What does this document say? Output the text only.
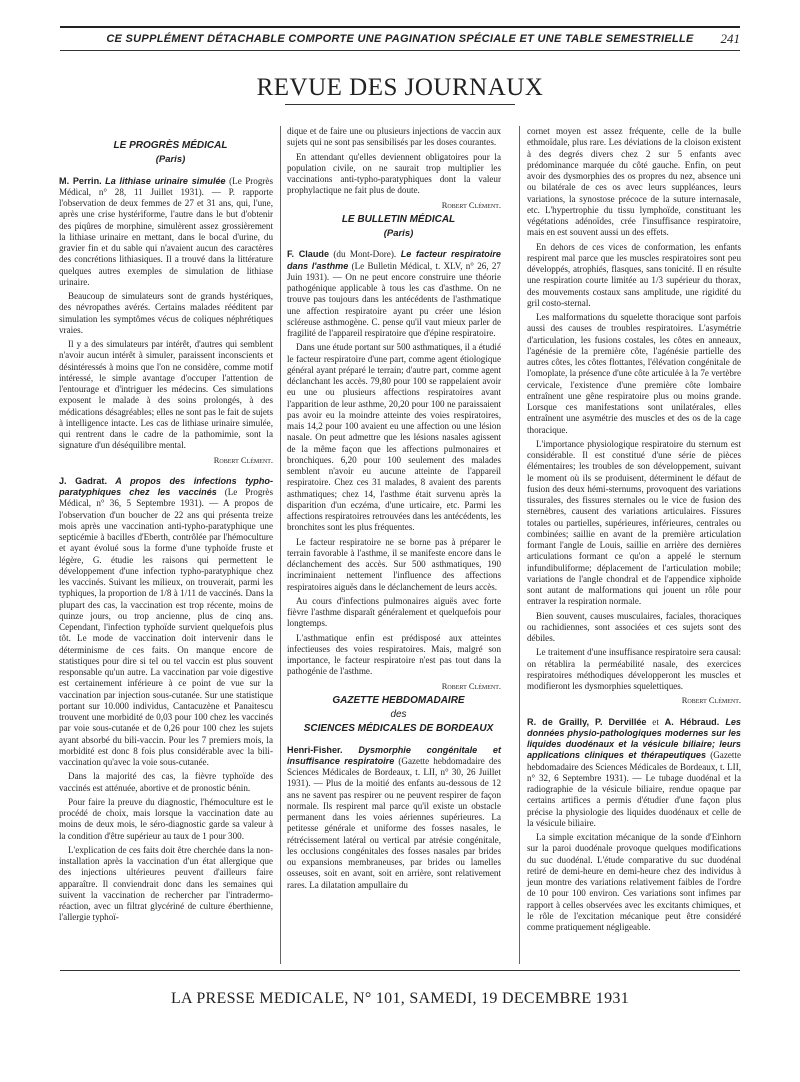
CE SUPPLÉMENT DÉTACHABLE COMPORTE UNE PAGINATION SPÉCIALE ET UNE TABLE SEMESTRIELLE	241
REVUE DES JOURNAUX

LE PROGRÈS MÉDICAL

(Paris)

M. Perrin. La lithiase urinaire simulée (Le Progrès Médical, n° 28, 11 Juillet 1931). — P. rapporte l'observation de deux femmes de 27 et 31 ans, qui, l'une, après une crise hystériforme, l'autre dans le but d'obtenir des piqûres de morphine, simulèrent assez grossièrement la lithiase urinaire en mettant, dans le bocal d'urine, du gravier fin et du sable qui n'avaient aucun des caractères des concrétions lithiasiques. Il a trouvé dans la littérature quelques autres exemples de simulation de lithiase urinaire.

Beaucoup de simulateurs sont de grands hystériques, des névropathes avérés. Certains malades rééditent par simulation les symptômes vécus de coliques néphrétiques vraies.

Il y a des simulateurs par intérêt, d'autres qui semblent n'avoir aucun intérêt à simuler, paraissent inconscients et désintéressés à moins que l'on ne considère, comme motif intéressé, le simple avantage d'occuper l'attention de l'entourage et d'intriguer les médecins. Ces simulations exposent le malade à des soins prolongés, à des médications désagréables; elles ne sont pas le fait de sujets à intelligence intacte. Les cas de lithiase urinaire simulée, qui rentrent dans le cadre de la pathomimie, sont la signature d'un déséquilibre mental.

Robert Clément.

J. Gadrat. A propos des infections typho-paratyphiques chez les vaccinés (Le Progrès Médical, n° 36, 5 Septembre 1931). — A propos de l'observation d'un boucher de 22 ans qui présenta treize mois après une vaccination anti-typho-paratyphique une septicémie à bacilles d'Eberth, contrôlée par l'hémoculture et ayant évolué sous la forme d'une typhoïde fruste et légère, G. étudie les raisons qui permettent le développement d'une infection typho-paratyphique chez les vaccinés. Suivant les milieux, on trouverait, parmi les typhiques, la proportion de 1/8 à 1/11 de vaccinés. Dans la plupart des cas, la vaccination est trop récente, moins de quinze jours, ou trop ancienne, plus de cinq ans. Cependant, l'infection typhoïde survient quelquefois plus tôt. Le mode de vaccination doit intervenir dans le déterminisme de ces faits. On manque encore de statistiques pour dire si tel ou tel vaccin est plus souvent responsable qu'un autre. La vaccination par voie digestive est certainement inférieure à ce point de vue sur la vaccination par injection sous-cutanée. Sur une statistique portant sur 10.000 individus, Cantacuzène et Panaitescu trouvent une morbidité de 0,03 pour 100 chez les vaccinés par voie sous-cutanée et de 0,26 pour 100 chez les sujets ayant absorbé du bili-vaccin. Pour les 7 premiers mois, la morbidité est donc 8 fois plus considérable avec la bili-vaccination qu'avec la voie sous-cutanée.

Dans la majorité des cas, la fièvre typhoïde des vaccinés est atténuée, abortive et de pronostic bénin.

Pour faire la preuve du diagnostic, l'hémoculture est le procédé de choix, mais lorsque la vaccination date au moins de deux mois, le séro-diagnostic garde sa valeur à la condition d'être supérieur au taux de 1 pour 300.

L'explication de ces faits doit être cherchée dans la non-installation après la vaccination d'un état allergique que des injections ultérieures peuvent d'ailleurs faire apparaître. Il conviendrait donc dans les semaines qui suivent la vaccination de rechercher par l'intradermo-réaction, avec un filtrat glycériné de culture éberthienne, l'allergie typhoï-

dique et de faire une ou plusieurs injections de vaccin aux sujets qui ne sont pas sensibilisés par les doses courantes.

En attendant qu'elles deviennent obligatoires pour la population civile, on ne saurait trop multiplier les vaccinations anti-typho-paratyphiques dont la valeur prophylactique ne fait plus de doute.

Robert Clément.

LE BULLETIN MÉDICAL

(Paris)

F. Claude (du Mont-Dore). Le facteur respiratoire dans l'asthme (Le Bulletin Médical, t. XLV, n° 26, 27 Juin 1931). — On ne peut encore construire une théorie pathogénique applicable à tous les cas d'asthme. On ne trouve pas toujours dans les antécédents de l'asthmatique une affection respiratoire ayant pu créer une lésion scléreuse asthmogène. C. pense qu'il vaut mieux parler de fragilité de l'appareil respiratoire que d'épine respiratoire.

Dans une étude portant sur 500 asthmatiques, il a étudié le facteur respiratoire d'une part, comme agent étiologique général ayant préparé le terrain; d'autre part, comme agent déclanchant les accès. 79,80 pour 100 se rappelaient avoir eu une ou plusieurs affections respiratoires avant l'apparition de leur asthme, 20,20 pour 100 ne paraissaient pas avoir eu la moindre atteinte des voies respiratoires, mais 14,2 pour 100 avaient eu une affection ou une lésion nasale. On peut admettre que les lésions nasales agissent de la même façon que les affections pulmonaires et bronchiques. 6,20 pour 100 seulement des malades semblent n'avoir eu aucune atteinte de l'appareil respiratoire. Chez ces 31 malades, 8 avaient des parents asthmatiques; chez 14, l'asthme était survenu après la disparition d'un eczéma, d'une urticaire, etc. Parmi les affections respiratoires retrouvées dans les antécédents, les bronchites sont les plus fréquentes.

Le facteur respiratoire ne se borne pas à préparer le terrain favorable à l'asthme, il se manifeste encore dans le déclanchement des accès. Sur 500 asthmatiques, 190 incriminaient nettement l'influence des affections respiratoires aiguës dans le déclanchement de leurs accès.

Au cours d'infections pulmonaires aiguës avec forte fièvre l'asthme disparaît généralement et quelquefois pour longtemps.

L'asthmatique enfin est prédisposé aux atteintes infectieuses des voies respiratoires. Mais, malgré son importance, le facteur respiratoire n'est pas tout dans la pathogénie de l'asthme.

Robert Clément.

GAZETTE HEBDOMADAIRE

des

SCIENCES MÉDICALES DE BORDEAUX

Henri-Fisher. Dysmorphie congénitale et insuffisance respiratoire (Gazette hebdomadaire des Sciences Médicales de Bordeaux, t. LII, n° 30, 26 Juillet 1931). — Plus de la moitié des enfants au-dessous de 12 ans ne savent pas respirer ou ne peuvent respirer de façon normale. Ils respirent mal parce qu'il existe un obstacle permanent dans les voies aériennes supérieures. La petitesse générale et uniforme des fosses nasales, le rétrécissement latéral ou vertical par atrésie congénitale, les occlusions congénitales des fosses nasales par brides ou expansions membraneuses, par brides ou lamelles osseuses, soit en avant, soit en arrière, sont relativement rares. La dilatation ampullaire du

cornet moyen est assez fréquente, celle de la bulle ethmoïdale, plus rare. Les déviations de la cloison existent à des degrés divers chez 2 sur 5 enfants avec prédominance marquée du côté gauche. Enfin, on peut avoir des dysmorphies des os propres du nez, absence uni ou bilatérale de ces os avec leurs suppléances, leurs variations, la synostose précoce de la suture internasale, etc. L'hypertrophie du tissu lymphoïde, constituant les végétations adénoïdes, crée l'insuffisance respiratoire, mais en est souvent aussi un des effets.

En dehors de ces vices de conformation, les enfants respirent mal parce que les muscles respiratoires sont peu développés, atrophiés, flasques, sans tonicité. Il en résulte une respiration courte limitée au 1/3 supérieur du thorax, des mouvements costaux sans amplitude, une rigidité du gril costo-sternal.

Les malformations du squelette thoracique sont parfois aussi des causes de troubles respiratoires. L'asymétrie d'articulation, les fusions costales, les côtes en anneaux, l'agénésie de la première côte, l'agénésie partielle des autres côtes, les côtes flottantes, l'élévation congénitale de l'omoplate, la présence d'une côte articulée à la 7e vertèbre cervicale, l'existence d'une première côte lombaire entraînent une gêne respiratoire plus ou moins grande. Lorsque ces manifestations sont unilatérales, elles entraînent une asymétrie des muscles et des os de la cage thoracique.

L'importance physiologique respiratoire du sternum est considérable. Il est constitué d'une série de pièces élémentaires; les troubles de son développement, suivant le moment où ils se produisent, déterminent le défaut de fusion des deux hémi-sternums, provoquent des variations tissurales, des fissures sternales ou le vice de fusion des sternèbres, causent des variations articulaires. Fissures totales ou partielles, supérieures, inférieures, centrales ou combinées; saillie en avant de la première articulation formant l'angle de Louis, saillie en arrière des dernières articulations formant ce qu'on a appelé le sternum infundibuliforme; déplacement de l'articulation mobile; variations de l'angle chondral et de l'appendice xiphoïde sont autant de malformations qui jouent un rôle pour entraver la respiration normale.

Bien souvent, causes musculaires, faciales, thoraciques ou rachidiennes, sont associées et ces sujets sont des débiles.

Le traitement d'une insuffisance respiratoire sera causal: on rétablira la perméabilité nasale, des exercices respiratoires méthodiques développeront les muscles et modifieront les dysmorphies squelettiques.

Robert Clément.

R. de Grailly, P. Dervillée et A. Hébraud. Les données physio-pathologiques modernes sur les liquides duodénaux et la vésicule biliaire; leurs applications cliniques et thérapeutiques (Gazette hebdomadaire des Sciences Médicales de Bordeaux, t. LII, n° 32, 6 Septembre 1931). — Le tubage duodénal et la radiographie de la vésicule biliaire, rendue opaque par certains artifices a permis d'étudier d'une façon plus précise la physiologie des liquides duodénaux et celle de la vésicule biliaire.

La simple excitation mécanique de la sonde d'Einhorn sur la paroi duodénale provoque quelques modifications du suc duodénal. L'étude comparative du suc duodénal retiré de demi-heure en demi-heure chez des individus à jeun montre des variations relativement faibles de l'ordre de 10 pour 100 environ. Ces variations sont infimes par rapport à celles observées avec les excitants chimiques, et le rôle de l'excitation mécanique peut être considéré comme pratiquement négligeable.

LA PRESSE MEDICALE, N° 101, SAMEDI, 19 DECEMBRE 1931
